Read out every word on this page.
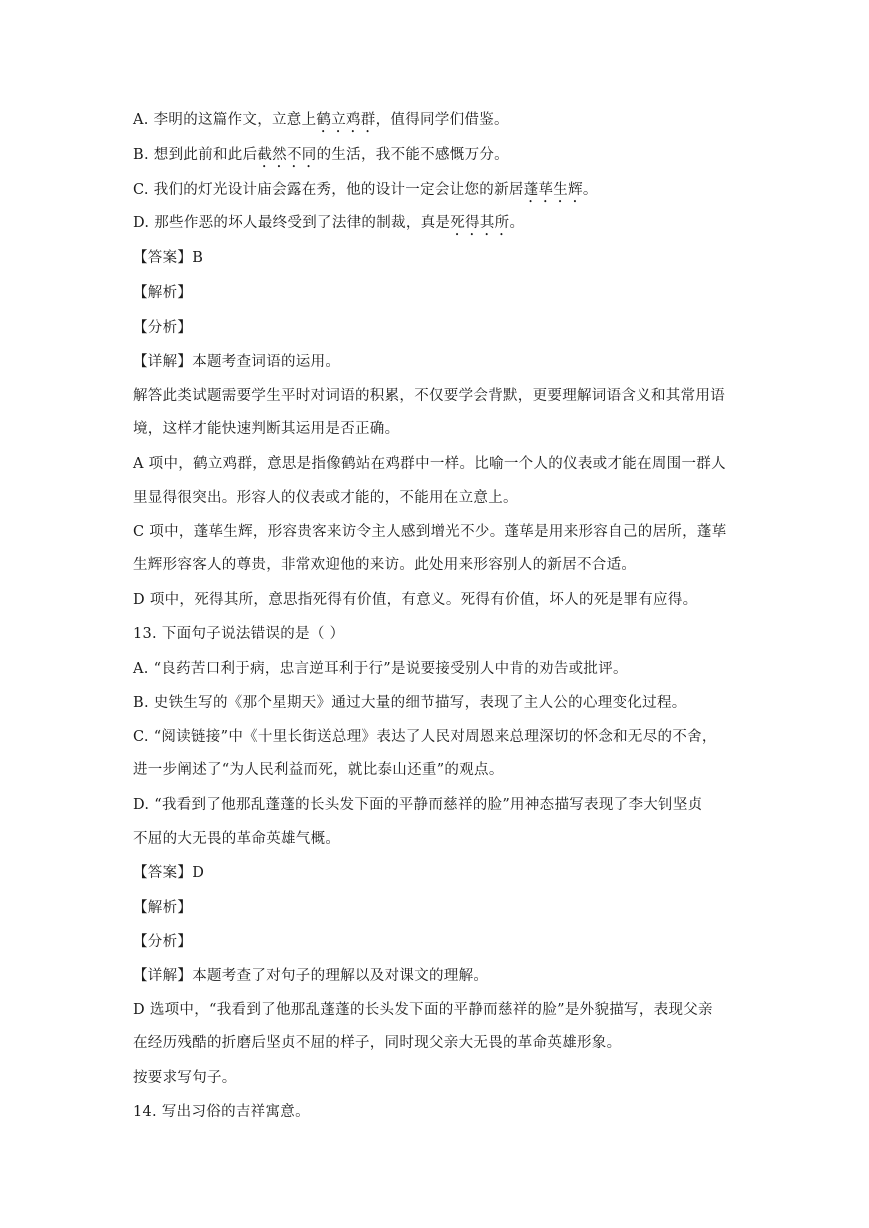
A. 李明的这篇作文，立意上鹤立鸡群，值得同学们借鉴。
B. 想到此前和此后截然不同的生活，我不能不感慨万分。
C. 我们的灯光设计庙会露在秀，他的设计一定会让您的新居蓬荜生辉。
D. 那些作恶的坏人最终受到了法律的制裁，真是死得其所。
【答案】B
【解析】
【分析】
【详解】本题考查词语的运用。
解答此类试题需要学生平时对词语的积累，不仅要学会背默，更要理解词语含义和其常用语
境，这样才能快速判断其运用是否正确。
A 项中，鹤立鸡群，意思是指像鹤站在鸡群中一样。比喻一个人的仪表或才能在周围一群人
里显得很突出。形容人的仪表或才能的，不能用在立意上。
C 项中，蓬荜生辉，形容贵客来访令主人感到增光不少。蓬荜是用来形容自己的居所，蓬荜
生辉形容客人的尊贵，非常欢迎他的来访。此处用来形容别人的新居不合适。
D 项中，死得其所，意思指死得有价值，有意义。死得有价值，坏人的死是罪有应得。
13. 下面句子说法错误的是（ ）
A. “良药苦口利于病，忠言逆耳利于行”是说要接受别人中肯的劝告或批评。
B. 史铁生写的《那个星期天》通过大量的细节描写，表现了主人公的心理变化过程。
C. “阅读链接”中《十里长街送总理》表达了人民对周恩来总理深切的怀念和无尽的不舍，
进一步阐述了“为人民利益而死，就比泰山还重”的观点。
D. “我看到了他那乱蓬蓬的长头发下面的平静而慈祥的脸”用神态描写表现了李大钊坚贞
不屈的大无畏的革命英雄气概。
【答案】D
【解析】
【分析】
【详解】本题考查了对句子的理解以及对课文的理解。
D 选项中，“我看到了他那乱蓬蓬的长头发下面的平静而慈祥的脸”是外貌描写，表现父亲
在经历残酷的折磨后坚贞不屈的样子，同时现父亲大无畏的革命英雄形象。
按要求写句子。
14. 写出习俗的吉祥寓意。
